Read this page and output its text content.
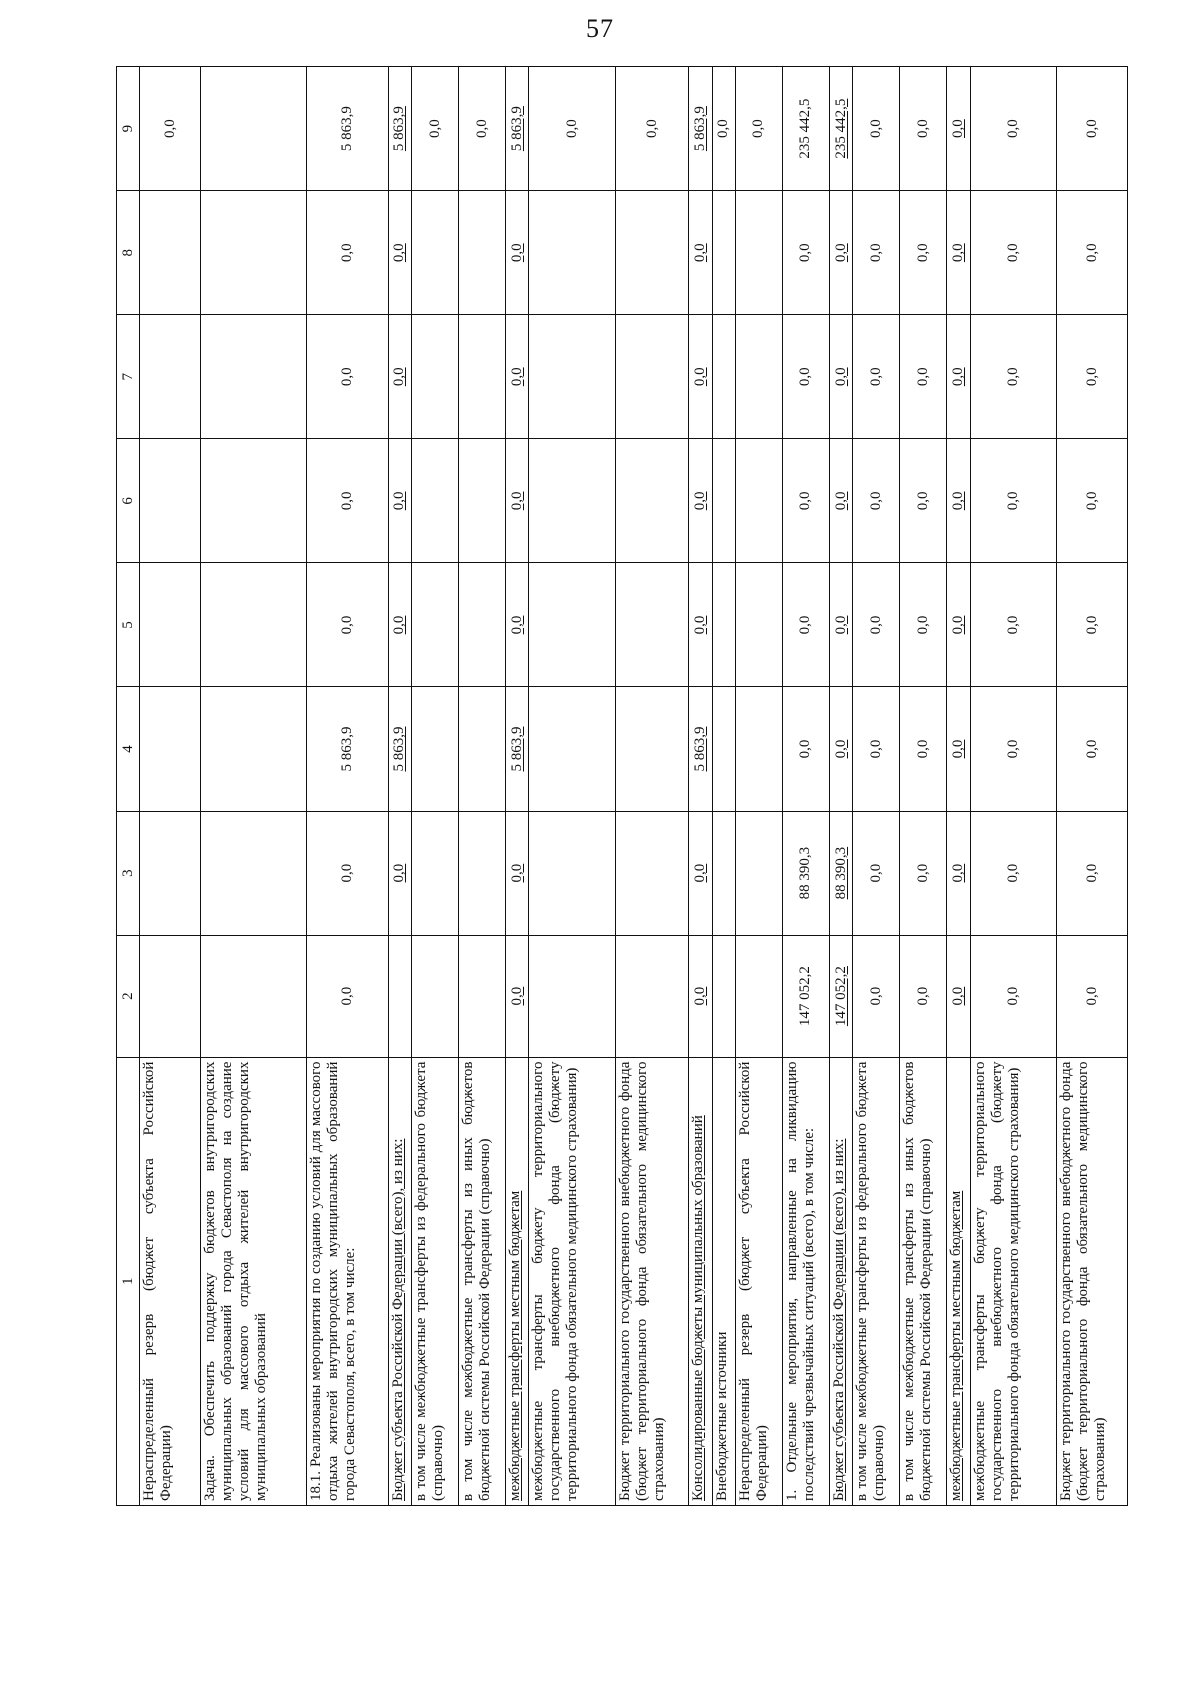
57
1	2	3	4	5	6	7	8	9
Нераспределенный резерв (бюджет субъекта Российской Федерации)								0,0
Задача. Обеспечить поддержку бюджетов внутригородских муниципальных образований города Севастополя на создание условий для массового отдыха жителей внутригородских муниципальных образований								
18.1. Реализованы мероприятия по созданию условий для массового отдыха жителей внутригородских муниципальных образований города Севастополя, всего, в том числе:	0,0	0,0	5 863,9	0,0	0,0	0,0	0,0	5 863,9
Бюджет субъекта Российской Федерации (всего), из них:		0,0	5 863,9	0,0	0,0	0,0	0,0	5 863,9
в том числе межбюджетные трансферты из федерального бюджета (справочно)								0,0
в том числе межбюджетные трансферты из иных бюджетов бюджетной системы Российской Федерации (справочно)								0,0
межбюджетные трансферты местным бюджетам	0,0	0,0	5 863,9	0,0	0,0	0,0	0,0	5 863,9
межбюджетные трансферты бюджету территориального государственного внебюджетного фонда (бюджету территориального фонда обязательного медицинского страхования)								0,0
Бюджет территориального государственного внебюджетного фонда (бюджет территориального фонда обязательного медицинского страхования)								0,0
Консолидированные бюджеты муниципальных образований	0,0	0,0	5 863,9	0,0	0,0	0,0	0,0	5 863,9
Внебюджетные источники								0,0
Нераспределенный резерв (бюджет субъекта Российской Федерации)								0,0
1. Отдельные мероприятия, направленные на ликвидацию последствий чрезвычайных ситуаций (всего), в том числе:	147 052,2	88 390,3	0,0	0,0	0,0	0,0	0,0	235 442,5
Бюджет субъекта Российской Федерации (всего), из них:	147 052,2	88 390,3	0,0	0,0	0,0	0,0	0,0	235 442,5
в том числе межбюджетные трансферты из федерального бюджета (справочно)	0,0	0,0	0,0	0,0	0,0	0,0	0,0	0,0
в том числе межбюджетные трансферты из иных бюджетов бюджетной системы Российской Федерации (справочно)	0,0	0,0	0,0	0,0	0,0	0,0	0,0	0,0
межбюджетные трансферты местным бюджетам	0,0	0,0	0,0	0,0	0,0	0,0	0,0	0,0
межбюджетные трансферты бюджету территориального государственного внебюджетного фонда (бюджету территориального фонда обязательного медицинского страхования)	0,0	0,0	0,0	0,0	0,0	0,0	0,0	0,0
Бюджет территориального государственного внебюджетного фонда (бюджет территориального фонда обязательного медицинского страхования)	0,0	0,0	0,0	0,0	0,0	0,0	0,0	0,0
